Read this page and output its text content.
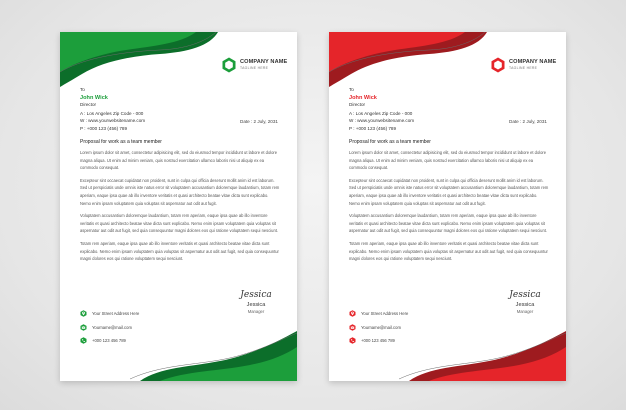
COMPANY NAME
TAGLINE HERE
To
John Wick
Director
A : Los Angeles Zip Code - 000
W : www.yourwebsitename.com
P : +000 123 (456) 789
Date : 2 July, 2031
Proposal for work as a team member
Lorem ipsum dolor sit amet, consectetur adipisicing elit, sed do eiusmod tempor incididunt ut labore et dolore magna aliqua. Ut enim ad minim veniam, quis nostrud exercitation ullamco laboris nisi ut aliquip ex ea commodo consequat.
Excepteur sint occaecat cupidatat non proident, sunt in culpa qui officia deserunt mollit anim id est laborum. Sed ut perspiciatis unde omnis iste natus error sit voluptatem accusantium doloremque laudantium, totam rem aperiam, eaque ipsa quae ab illo inventore veritatis et quasi architecto beatae vitae dicta sunt explicabo. Nemo enim ipsam voluptatem quia voluptas sit aspernatur aut odit aut fugit.
Voluptatem accusantium doloremque laudantium, totam rem aperiam, eaque ipsa quae ab illo inventore veritatis et quasi architecto beatae vitae dicta sunt explicabo. Nemo enim ipsam voluptatem quia voluptas sit aspernatur aut odit aut fugit, sed quia consequuntur magni dolores eos qui ratione voluptatem sequi nesciunt.
Totam rem aperiam, eaque ipsa quae ab illo inventore veritatis et quasi architecto beatae vitae dicta sunt explicabo. Nemo enim ipsam voluptatem quia voluptas sit aspernatur aut odit aut fugit, sed quia consequuntur magni dolores eos qui ratione voluptatem sequi nesciunt.
Jessica
Jessica
Manager
Your Street Address Here
Yourname@mail.com
+000 123 456 789
COMPANY NAME
TAGLINE HERE
To
John Wick
Director
A : Los Angeles Zip Code - 000
W : www.yourwebsitename.com
P : +000 123 (456) 789
Date : 2 July, 2031
Proposal for work as a team member
Lorem ipsum dolor sit amet, consectetur adipisicing elit, sed do eiusmod tempor incididunt ut labore et dolore magna aliqua. Ut enim ad minim veniam, quis nostrud exercitation ullamco laboris nisi ut aliquip ex ea commodo consequat.
Excepteur sint occaecat cupidatat non proident, sunt in culpa qui officia deserunt mollit anim id est laborum. Sed ut perspiciatis unde omnis iste natus error sit voluptatem accusantium doloremque laudantium, totam rem aperiam, eaque ipsa quae ab illo inventore veritatis et quasi architecto beatae vitae dicta sunt explicabo. Nemo enim ipsam voluptatem quia voluptas sit aspernatur aut odit aut fugit.
Voluptatem accusantium doloremque laudantium, totam rem aperiam, eaque ipsa quae ab illo inventore veritatis et quasi architecto beatae vitae dicta sunt explicabo. Nemo enim ipsam voluptatem quia voluptas sit aspernatur aut odit aut fugit, sed quia consequuntur magni dolores eos qui ratione voluptatem sequi nesciunt.
Totam rem aperiam, eaque ipsa quae ab illo inventore veritatis et quasi architecto beatae vitae dicta sunt explicabo. Nemo enim ipsam voluptatem quia voluptas sit aspernatur aut odit aut fugit, sed quia consequuntur magni dolores eos qui ratione voluptatem sequi nesciunt.
Jessica
Jessica
Manager
Your Street Address Here
Yourname@mail.com
+000 123 456 789
